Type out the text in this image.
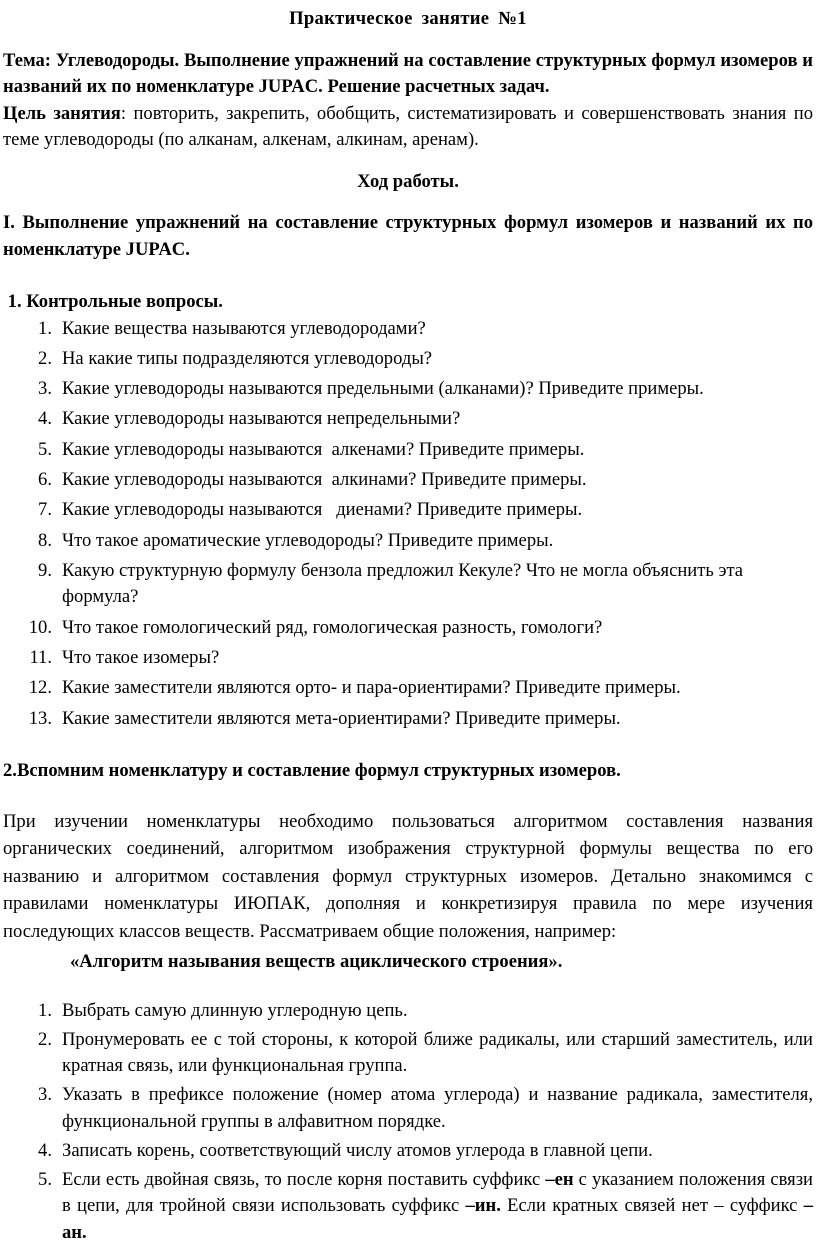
Практическое занятие №1

Тема: Углеводороды. Выполнение упражнений на составление структурных формул изомеров и названий их по номенклатуре JUPAC. Решение расчетных задач.

Цель занятия: повторить, закрепить, обобщить, систематизировать и совершенствовать знания по теме углеводороды (по алканам, алкенам, алкинам, аренам).

Ход работы.

I. Выполнение упражнений на составление структурных формул изомеров и названий их по номенклатуре JUPAC.

1. Контрольные вопросы.

1. Какие вещества называются углеводородами?
2. На какие типы подразделяются углеводороды?
3. Какие углеводороды называются предельными (алканами)? Приведите примеры.
4. Какие углеводороды называются непредельными?
5. Какие углеводороды называются  алкенами? Приведите примеры.
6. Какие углеводороды называются  алкинами? Приведите примеры.
7. Какие углеводороды называются   диенами? Приведите примеры.
8. Что такое ароматические углеводороды? Приведите примеры.
9. Какую структурную формулу бензола предложил Кекуле? Что не могла объяснить эта формула?
10. Что такое гомологический ряд, гомологическая разность, гомологи?
11. Что такое изомеры?
12. Какие заместители являются орто- и пара-ориентирами? Приведите примеры.
13. Какие заместители являются мета-ориентирами? Приведите примеры.

2.Вспомним номенклатуру и составление формул структурных изомеров.

При изучении номенклатуры необходимо пользоваться алгоритмом составления названия органических соединений, алгоритмом изображения структурной формулы вещества по его названию и алгоритмом составления формул структурных изомеров. Детально знакомимся с правилами номенклатуры ИЮПАК, дополняя и конкретизируя правила по мере изучения последующих классов веществ. Рассматриваем общие положения, например:

«Алгоритм называния веществ ациклического строения».

1. Выбрать самую длинную углеродную цепь.
2. Пронумеровать ее с той стороны, к которой ближе радикалы, или старший заместитель, или кратная связь, или функциональная группа.
3. Указать в префиксе положение (номер атома углерода) и название радикала, заместителя, функциональной группы в алфавитном порядке.
4. Записать корень, соответствующий числу атомов углерода в главной цепи.
5. Если есть двойная связь, то после корня поставить суффикс –ен с указанием положения связи в цепи, для тройной связи использовать суффикс –ин. Если кратных связей нет – суффикс –ан.
